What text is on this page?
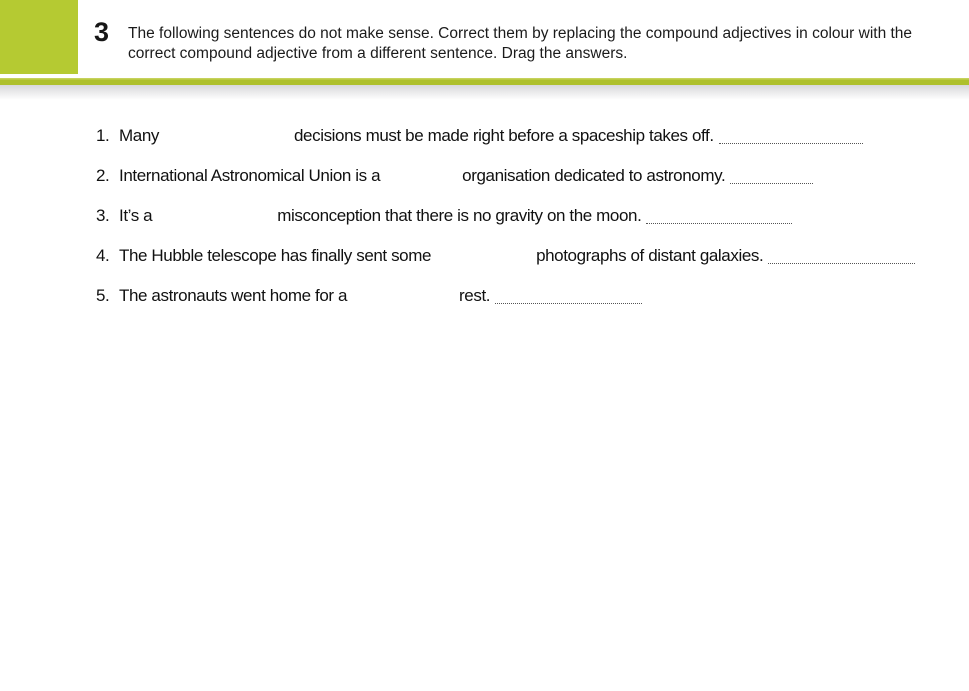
3 The following sentences do not make sense. Correct them by replacing the compound adjectives in colour with the correct compound adjective from a different sentence. Drag the answers.
1. Many	decisions must be made right before a spaceship takes off.
2. International Astronomical Union is a	organisation dedicated to astronomy.
3. It’s a	misconception that there is no gravity on the moon.
4. The Hubble telescope has finally sent some	photographs of distant galaxies.
5. The astronauts went home for a	rest.
